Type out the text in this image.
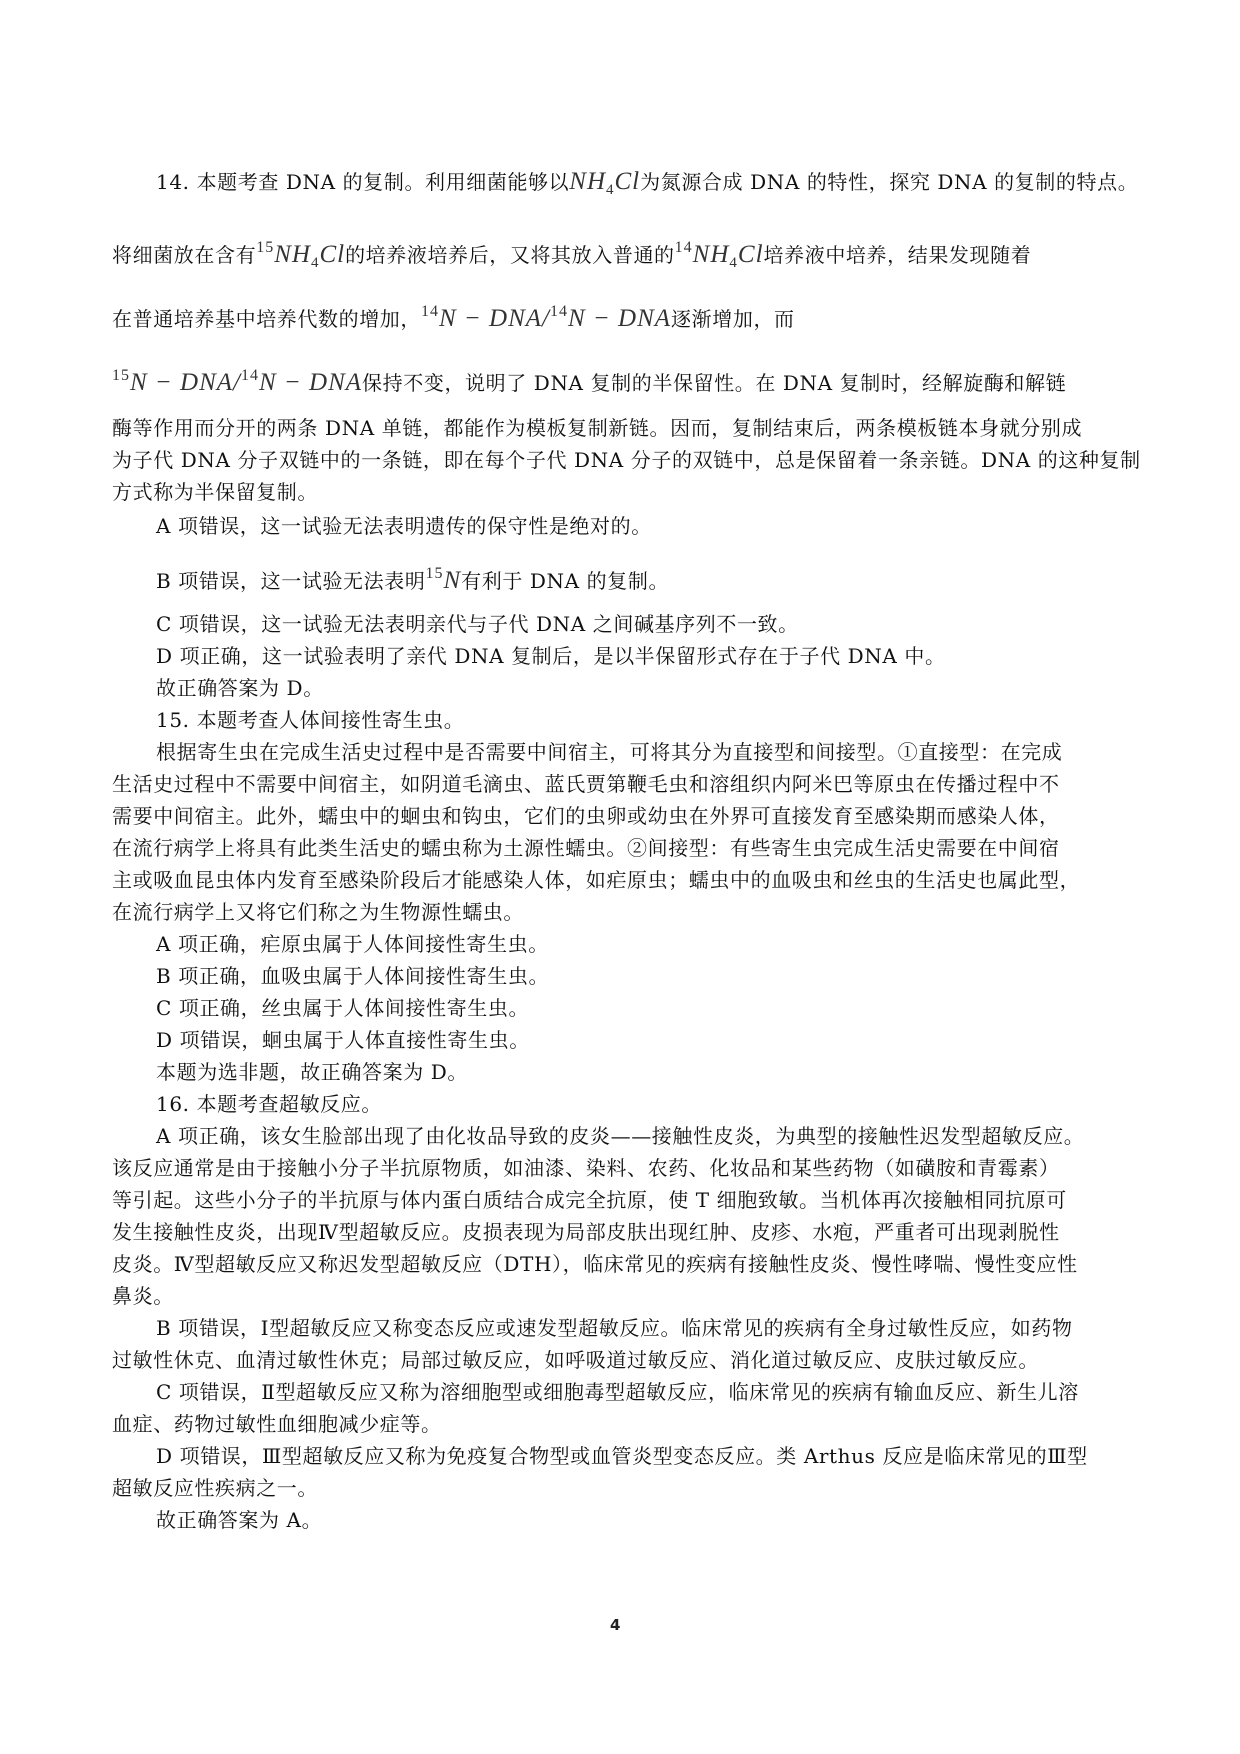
14. 本题考查 DNA 的复制。利用细菌能够以$NH_4Cl$为氮源合成 DNA 的特性，探究 DNA 的复制的特点。
将细菌放在含有$^{15}NH_4Cl$的培养液培养后，又将其放入普通的$^{14}NH_4Cl$培养液中培养，结果发现随着
在普通培养基中培养代数的增加，$^{14}$N − DNA/$^{14}$N − DNA逐渐增加，而
$^{15}$N − DNA/$^{14}$N − DNA保持不变，说明了 DNA 复制的半保留性。在 DNA 复制时，经解旋酶和解链
酶等作用而分开的两条 DNA 单链，都能作为模板复制新链。因而，复制结束后，两条模板链本身就分别成
为子代 DNA 分子双链中的一条链，即在每个子代 DNA 分子的双链中，总是保留着一条亲链。DNA 的这种复制
方式称为半保留复制。
A 项错误，这一试验无法表明遗传的保守性是绝对的。
B 项错误，这一试验无法表明$^{15}$N有利于 DNA 的复制。
C 项错误，这一试验无法表明亲代与子代 DNA 之间碱基序列不一致。
D 项正确，这一试验表明了亲代 DNA 复制后，是以半保留形式存在于子代 DNA 中。
故正确答案为 D。
15. 本题考查人体间接性寄生虫。
根据寄生虫在完成生活史过程中是否需要中间宿主，可将其分为直接型和间接型。①直接型：在完成
生活史过程中不需要中间宿主，如阴道毛滴虫、蓝氏贾第鞭毛虫和溶组织内阿米巴等原虫在传播过程中不
需要中间宿主。此外，蠕虫中的蛔虫和钩虫，它们的虫卵或幼虫在外界可直接发育至感染期而感染人体，
在流行病学上将具有此类生活史的蠕虫称为土源性蠕虫。②间接型：有些寄生虫完成生活史需要在中间宿
主或吸血昆虫体内发育至感染阶段后才能感染人体，如疟原虫；蠕虫中的血吸虫和丝虫的生活史也属此型，
在流行病学上又将它们称之为生物源性蠕虫。
A 项正确，疟原虫属于人体间接性寄生虫。
B 项正确，血吸虫属于人体间接性寄生虫。
C 项正确，丝虫属于人体间接性寄生虫。
D 项错误，蛔虫属于人体直接性寄生虫。
本题为选非题，故正确答案为 D。
16. 本题考查超敏反应。
A 项正确，该女生脸部出现了由化妆品导致的皮炎——接触性皮炎，为典型的接触性迟发型超敏反应。
该反应通常是由于接触小分子半抗原物质，如油漆、染料、农药、化妆品和某些药物（如磺胺和青霉素）
等引起。这些小分子的半抗原与体内蛋白质结合成完全抗原，使 T 细胞致敏。当机体再次接触相同抗原可
发生接触性皮炎，出现Ⅳ型超敏反应。皮损表现为局部皮肤出现红肿、皮疹、水疱，严重者可出现剥脱性
皮炎。Ⅳ型超敏反应又称迟发型超敏反应（DTH），临床常见的疾病有接触性皮炎、慢性哮喘、慢性变应性
鼻炎。
B 项错误，Ⅰ型超敏反应又称变态反应或速发型超敏反应。临床常见的疾病有全身过敏性反应，如药物
过敏性休克、血清过敏性休克；局部过敏反应，如呼吸道过敏反应、消化道过敏反应、皮肤过敏反应。
C 项错误，Ⅱ型超敏反应又称为溶细胞型或细胞毒型超敏反应，临床常见的疾病有输血反应、新生儿溶
血症、药物过敏性血细胞减少症等。
D 项错误，Ⅲ型超敏反应又称为免疫复合物型或血管炎型变态反应。类 Arthus 反应是临床常见的Ⅲ型
超敏反应性疾病之一。
故正确答案为 A。
4
